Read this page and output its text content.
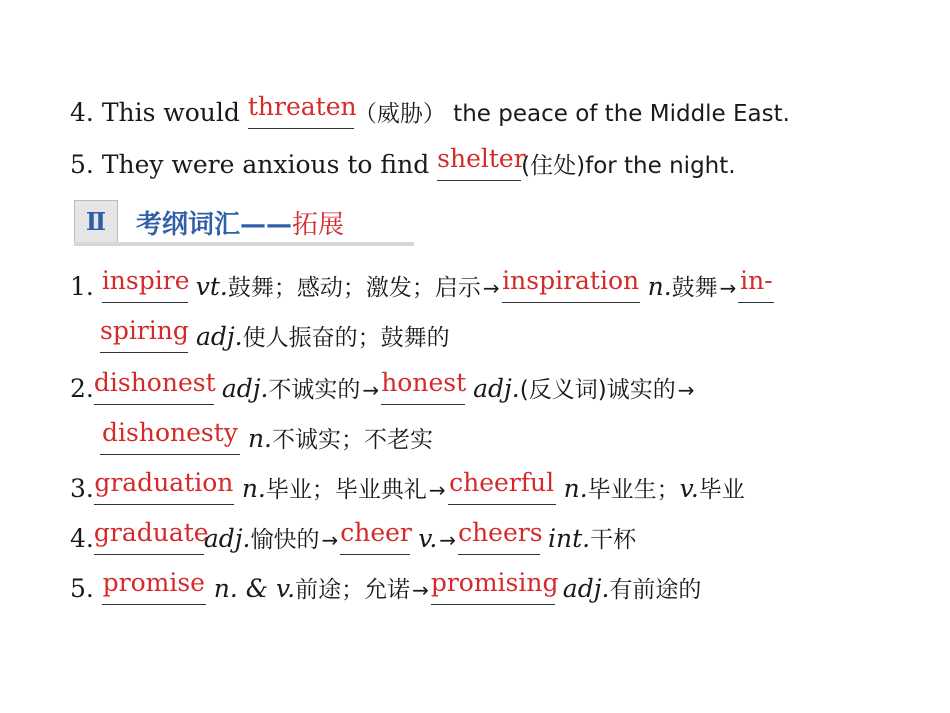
4. This would threaten（威胁） the peace of the Middle East.
5. They were anxious to find shelter(住处)for the night.
Ⅱ	考纲词汇——拓展
1. inspire vt.鼓舞；感动；激发；启示 → inspiration n.鼓舞 → in-
spiring adj.使人振奋的；鼓舞的
2.dishonest adj.不诚实的 →honest adj.(反义词)诚实的 →
dishonesty n.不诚实；不老实
3.graduation n.毕业；毕业典礼 → cheerful n.毕业生；v.毕业
4.graduateadj.愉快的 →cheer v. →cheers int.干杯
5. promise n. & v.前途；允诺 →promising adj.有前途的
